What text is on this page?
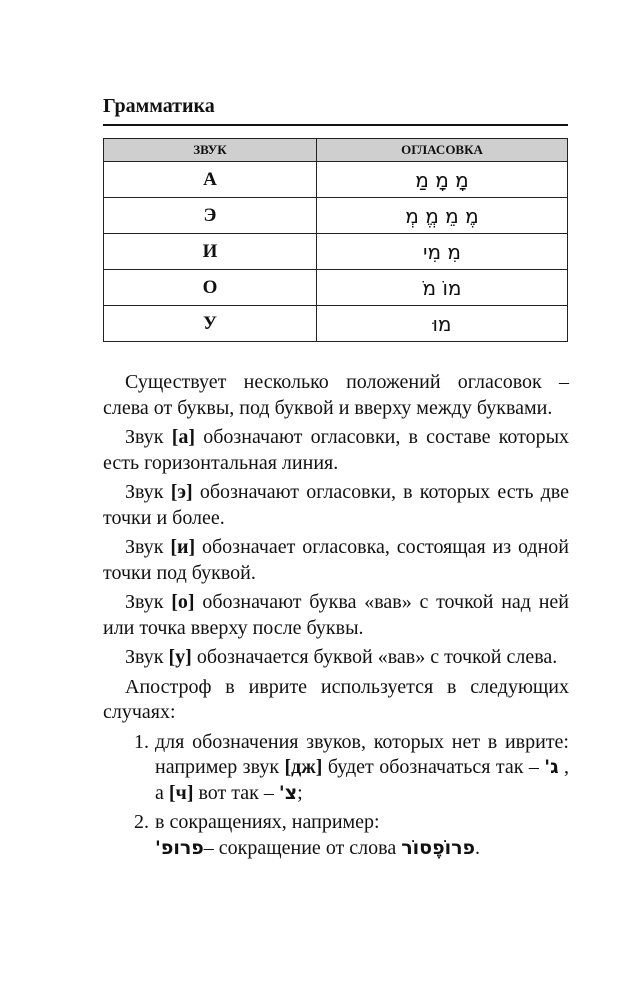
Грамматика
ЗВУК	ОГЛАСОВКА
А	מָ מָ מַ
Э	מֶ מֵ מֱ מְ
И	מִ מִי
О	מוֹ מֹ
У	מוּ

Существует несколько положений огласовок – слева от буквы, под буквой и вверху между буквами.

Звук [а] обозначают огласовки, в составе которых есть горизонтальная линия.

Звук [э] обозначают огласовки, в которых есть две точки и более.

Звук [и] обозначает огласовка, состоящая из одной точки под буквой.

Звук [о] обозначают буква «вав» с точкой над ней или точка вверху после буквы.

Звук [у] обозначается буквой «вав» с точкой слева.

Апостроф в иврите используется в следующих случаях:

1. для обозначения звуков, которых нет в иврите: например звук [дж] будет обозначаться так – ג' , а [ч] вот так – צ';
2. в сокращениях, например:
פרופ'– сокращение от слова פרוֹפֶסוֹר.
